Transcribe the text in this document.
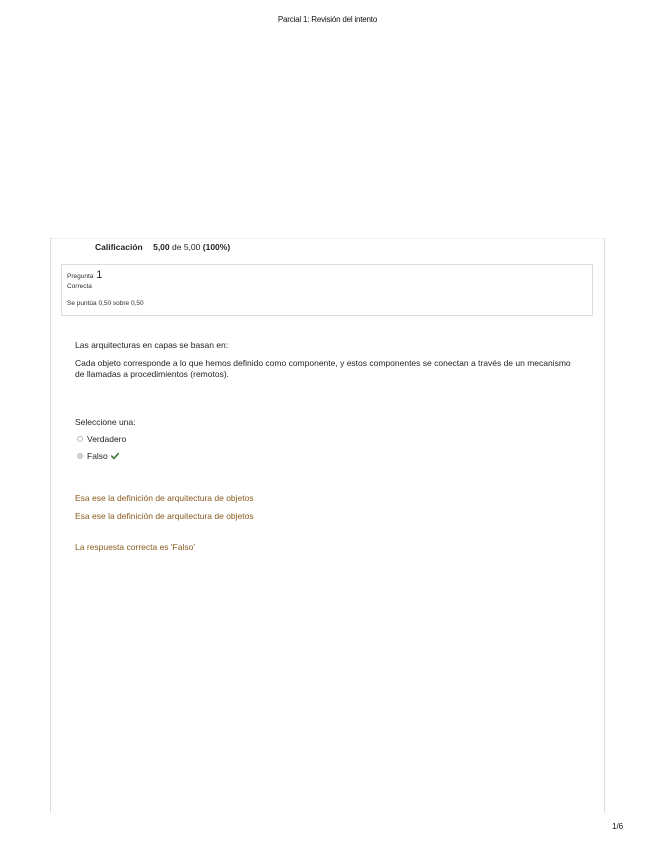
Parcial 1: Revisión del intento
Calificación 5,00 de 5,00 (100%)
Pregunta 1
Correcta
Se puntúa 0,50 sobre 0,50
Las arquitecturas en capas se basan en:
Cada objeto corresponde a lo que hemos definido como componente, y estos componentes se conectan a través de un mecanismo de llamadas a procedimientos (remotos).
Seleccione una:
Verdadero
Falso
Esa ese la definición de arquitectura de objetos
Esa ese la definición de arquitectura de objetos
La respuesta correcta es 'Falso'
1/6
